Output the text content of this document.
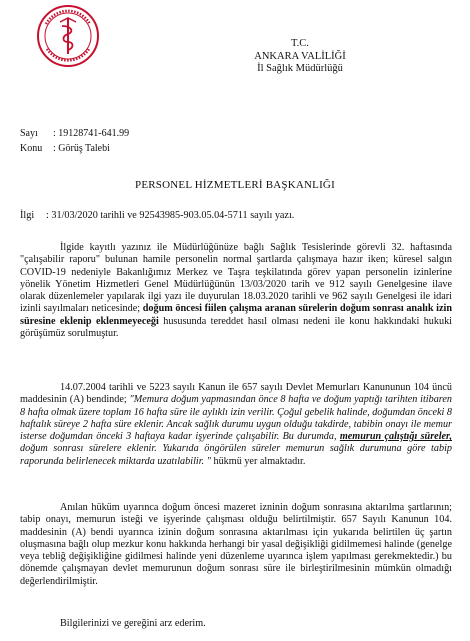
T.C.
ANKARA VALİLİĞİ
İl Sağlık Müdürlüğü
Sayı : 19128741-641.99
Konu : Görüş Talebi
PERSONEL HİZMETLERİ BAŞKANLIĞI
İlgi : 31/03/2020 tarihli ve 92543985-903.05.04-5711 sayılı yazı.

İlgide kayıtlı yazınız ile Müdürlüğünüze bağlı Sağlık Tesislerinde görevli 32. haftasında "çalışabilir raporu" bulunan hamile personelin normal şartlarda çalışmaya hazır iken; küresel salgın COVID-19 nedeniyle Bakanlığımız Merkez ve Taşra teşkilatında görev yapan personelin izinlerine yönelik Yönetim Hizmetleri Genel Müdürlüğünün 13/03/2020 tarih ve 912 sayılı Genelgesine ilave olarak düzenlemeler yapılarak ilgi yazı ile duyurulan 18.03.2020 tarihli ve 962 sayılı Genelgesi ile idari izinli sayılmaları neticesinde; doğum öncesi fiilen çalışma aranan sürelerin doğum sonrası analık izin süresine eklenip eklenmeyeceği hususunda tereddet hasıl olması nedeni ile konu hakkındaki hukuki görüşümüz sorulmuştur.

14.07.2004 tarihli ve 5223 sayılı Kanun ile 657 sayılı Devlet Memurları Kanununun 104 üncü maddesinin (A) bendinde; "Memura doğum yapmasından önce 8 hafta ve doğum yaptığı tarihten itibaren 8 hafta olmak üzere toplam 16 hafta süre ile aylıklı izin verilir. Çoğul gebelik halinde, doğumdan önceki 8 haftalık süreye 2 hafta süre eklenir. Ancak sağlık durumu uygun olduğu takdirde, tabibin onayı ile memur isterse doğumdan önceki 3 haftaya kadar işyerinde çalışabilir. Bu durumda, memurun çalıştığı süreler, doğum sonrası sürelere eklenir. Yukarıda öngörülen süreler memurun sağlık durumuna göre tabip raporunda belirlenecek miktarda uzatılabilir. " hükmü yer almaktadır.

Anılan hüküm uyarınca doğum öncesi mazeret izninin doğum sonrasına aktarılma şartlarının; tabip onayı, memurun isteği ve işyerinde çalışması olduğu belirtilmiştir. 657 Sayılı Kanunun 104. maddesinin (A) bendi uyarınca izinin doğum sonrasına aktarılması için yukarıda belirtilen üç şartın oluşmasına bağlı olup mezkur konu hakkında herhangi bir yasal değişikliği gidilmemesi halinde (genelge veya tebliğ değişikliğine gidilmesi halinde yeni düzenleme uyarınca işlem yapılması gerekmektedir.) bu dönemde çalışmayan devlet memurunun doğum sonrası süre ile birleştirilmesinin mümkün olmadığı değerlendirilmiştir.

Bilgilerinizi ve gereğini arz ederim.
